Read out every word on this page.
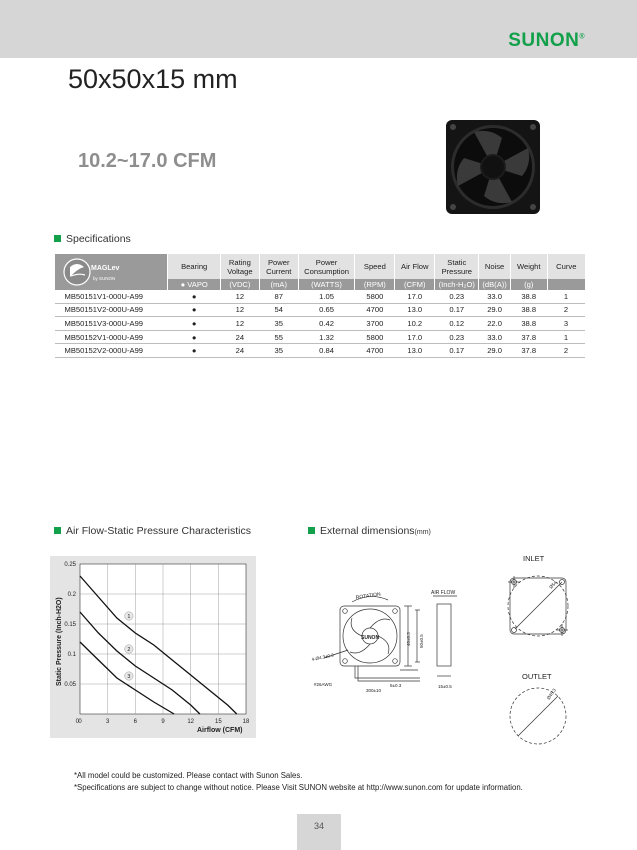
SUNON®
50x50x15 mm
10.2~17.0 CFM
Specifications
MAGLev
by SUNON	Bearing	Rating Voltage	Power Current	Power Consumption	Speed	Air Flow	Static Pressure	Noise	Weight	Curve
	● VAPO	(VDC)	(mA)	(WATTS)	(RPM)	(CFM)	(Inch-H₂O)	(dB(A))	(g)	
MB50151V1-000U-A99	●	12	87	1.05	5800	17.0	0.23	33.0	38.8	1
MB50151V2-000U-A99	●	12	54	0.65	4700	13.0	0.17	29.0	38.8	2
MB50151V3-000U-A99	●	12	35	0.42	3700	10.2	0.12	22.0	38.8	3
MB50152V1-000U-A99	●	24	55	1.32	5800	17.0	0.23	33.0	37.8	1
MB50152V2-000U-A99	●	24	35	0.84	4700	13.0	0.17	29.0	37.8	2
Air Flow-Static Pressure Characteristics	External dimensions(mm)
1
2
3
0	3	6	9	12	15	18
0.25
0.2
0.15
0.1
0.05
0
Static Pressure (Inch-H2O)
Airflow (CFM)
INLET
OUTLET
ROTATION	AIR FLOW
SUNON	40±0.3 50±0.5
4-Ø4.3±0.3
#26AWG
300±10
5±0.3	15±0.5
Ø54
Ø45.3
*All model could be customized. Please contact with Sunon Sales.
*Specifications are subject to change without notice. Please Visit SUNON website at http://www.sunon.com for update information.
34
